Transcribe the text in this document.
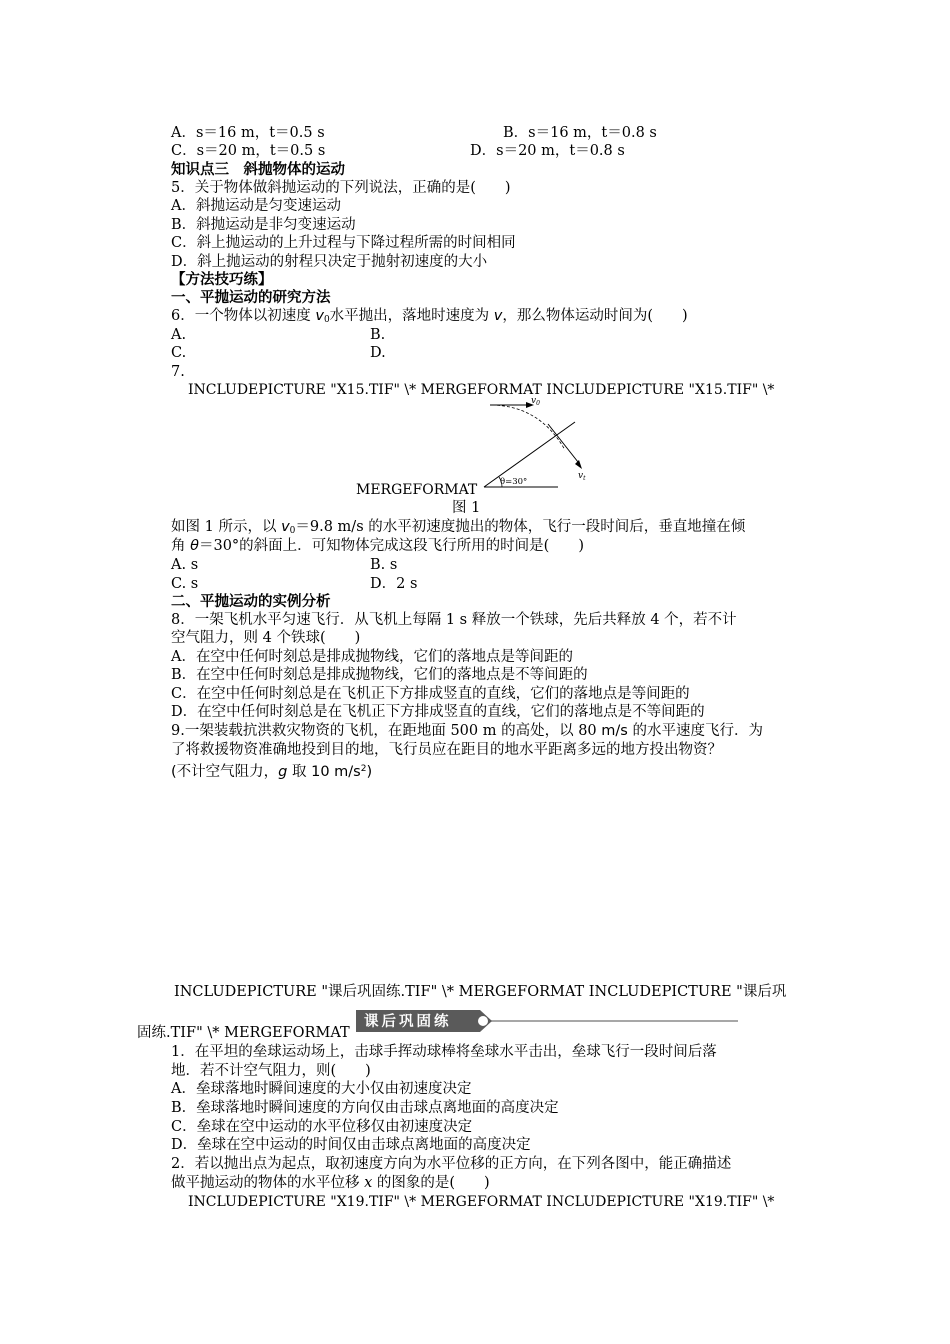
A．s＝16 m，t＝0.5 s	B．s＝16 m，t＝0.8 s
C．s＝20 m，t＝0.5 s	D．s＝20 m，t＝0.8 s
知识点三　斜抛物体的运动
5．关于物体做斜抛运动的下列说法，正确的是(　　)
A．斜抛运动是匀变速运动
B．斜抛运动是非匀变速运动
C．斜上抛运动的上升过程与下降过程所需的时间相同
D．斜上抛运动的射程只决定于抛射初速度的大小
【方法技巧练】
一、平抛运动的研究方法
6．一个物体以初速度 $v_0$水平抛出，落地时速度为 v，那么物体运动时间为(　　)
A.	B.
C.	D.
7.
INCLUDEPICTURE "X15.TIF" \* MERGEFORMAT INCLUDEPICTURE "X15.TIF" \*
$v_0$
$v_t$
θ=30°
MERGEFORMAT
图 1
如图 1 所示，以 $v_0=9.8$ m/s 的水平初速度抛出的物体，飞行一段时间后，垂直地撞在倾
角 θ＝30°的斜面上．可知物体完成这段飞行所用的时间是(　　)
A. s	B. s
C. s	D．2 s
二、平抛运动的实例分析
8．一架飞机水平匀速飞行．从飞机上每隔 1 s 释放一个铁球，先后共释放 4 个，若不计
空气阻力，则 4 个铁球(　　)
A．在空中任何时刻总是排成抛物线，它们的落地点是等间距的
B．在空中任何时刻总是排成抛物线，它们的落地点是不等间距的
C．在空中任何时刻总是在飞机正下方排成竖直的直线，它们的落地点是等间距的
D．在空中任何时刻总是在飞机正下方排成竖直的直线，它们的落地点是不等间距的
9.一架装载抗洪救灾物资的飞机，在距地面 500 m 的高处，以 80 m/s 的水平速度飞行．为
了将救援物资准确地投到目的地，飞行员应在距目的地水平距离多远的地方投出物资？
(不计空气阻力，g 取 10 $m/s^2$)
INCLUDEPICTURE "课后巩固练.TIF" \* MERGEFORMAT INCLUDEPICTURE "课后巩
固练.TIF" \* MERGEFORMAT
课后巩固练
1．在平坦的垒球运动场上，击球手挥动球棒将垒球水平击出，垒球飞行一段时间后落
地．若不计空气阻力，则(　　)
A．垒球落地时瞬间速度的大小仅由初速度决定
B．垒球落地时瞬间速度的方向仅由击球点离地面的高度决定
C．垒球在空中运动的水平位移仅由初速度决定
D．垒球在空中运动的时间仅由击球点离地面的高度决定
2．若以抛出点为起点，取初速度方向为水平位移的正方向，在下列各图中，能正确描述
做平抛运动的物体的水平位移 x 的图象的是(　　)
INCLUDEPICTURE "X19.TIF" \* MERGEFORMAT INCLUDEPICTURE "X19.TIF" \*
